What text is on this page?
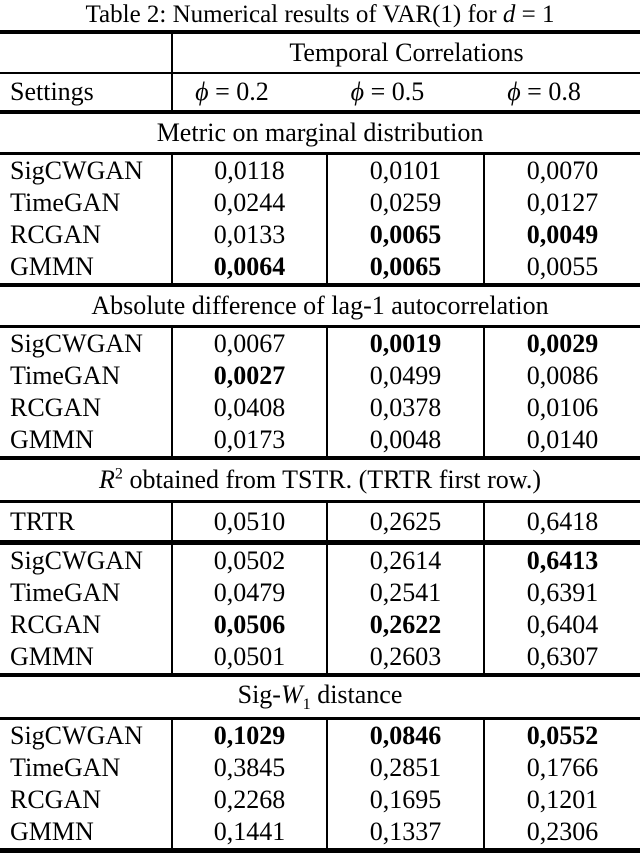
Table 2: Numerical results of VAR(1) for d = 1
	Temporal Correlations		
Settings	ϕ = 0.2	ϕ = 0.5	ϕ = 0.8
Metric on marginal distribution			
SigCWGAN	0,0118	0,0101	0,0070
TimeGAN	0,0244	0,0259	0,0127
RCGAN	0,0133	0,0065	0,0049
GMMN	0,0064	0,0065	0,0055
Absolute difference of lag-1 autocorrelation			
SigCWGAN	0,0067	0,0019	0,0029
TimeGAN	0,0027	0,0499	0,0086
RCGAN	0,0408	0,0378	0,0106
GMMN	0,0173	0,0048	0,0140
$R^2$ obtained from TSTR. (TRTR first row.)			
TRTR	0,0510	0,2625	0,6418
SigCWGAN	0,0502	0,2614	0,6413
TimeGAN	0,0479	0,2541	0,6391
RCGAN	0,0506	0,2622	0,6404
GMMN	0,0501	0,2603	0,6307
Sig-$W_1$ distance			
SigCWGAN	0,1029	0,0846	0,0552
TimeGAN	0,3845	0,2851	0,1766
RCGAN	0,2268	0,1695	0,1201
GMMN	0,1441	0,1337	0,2306
